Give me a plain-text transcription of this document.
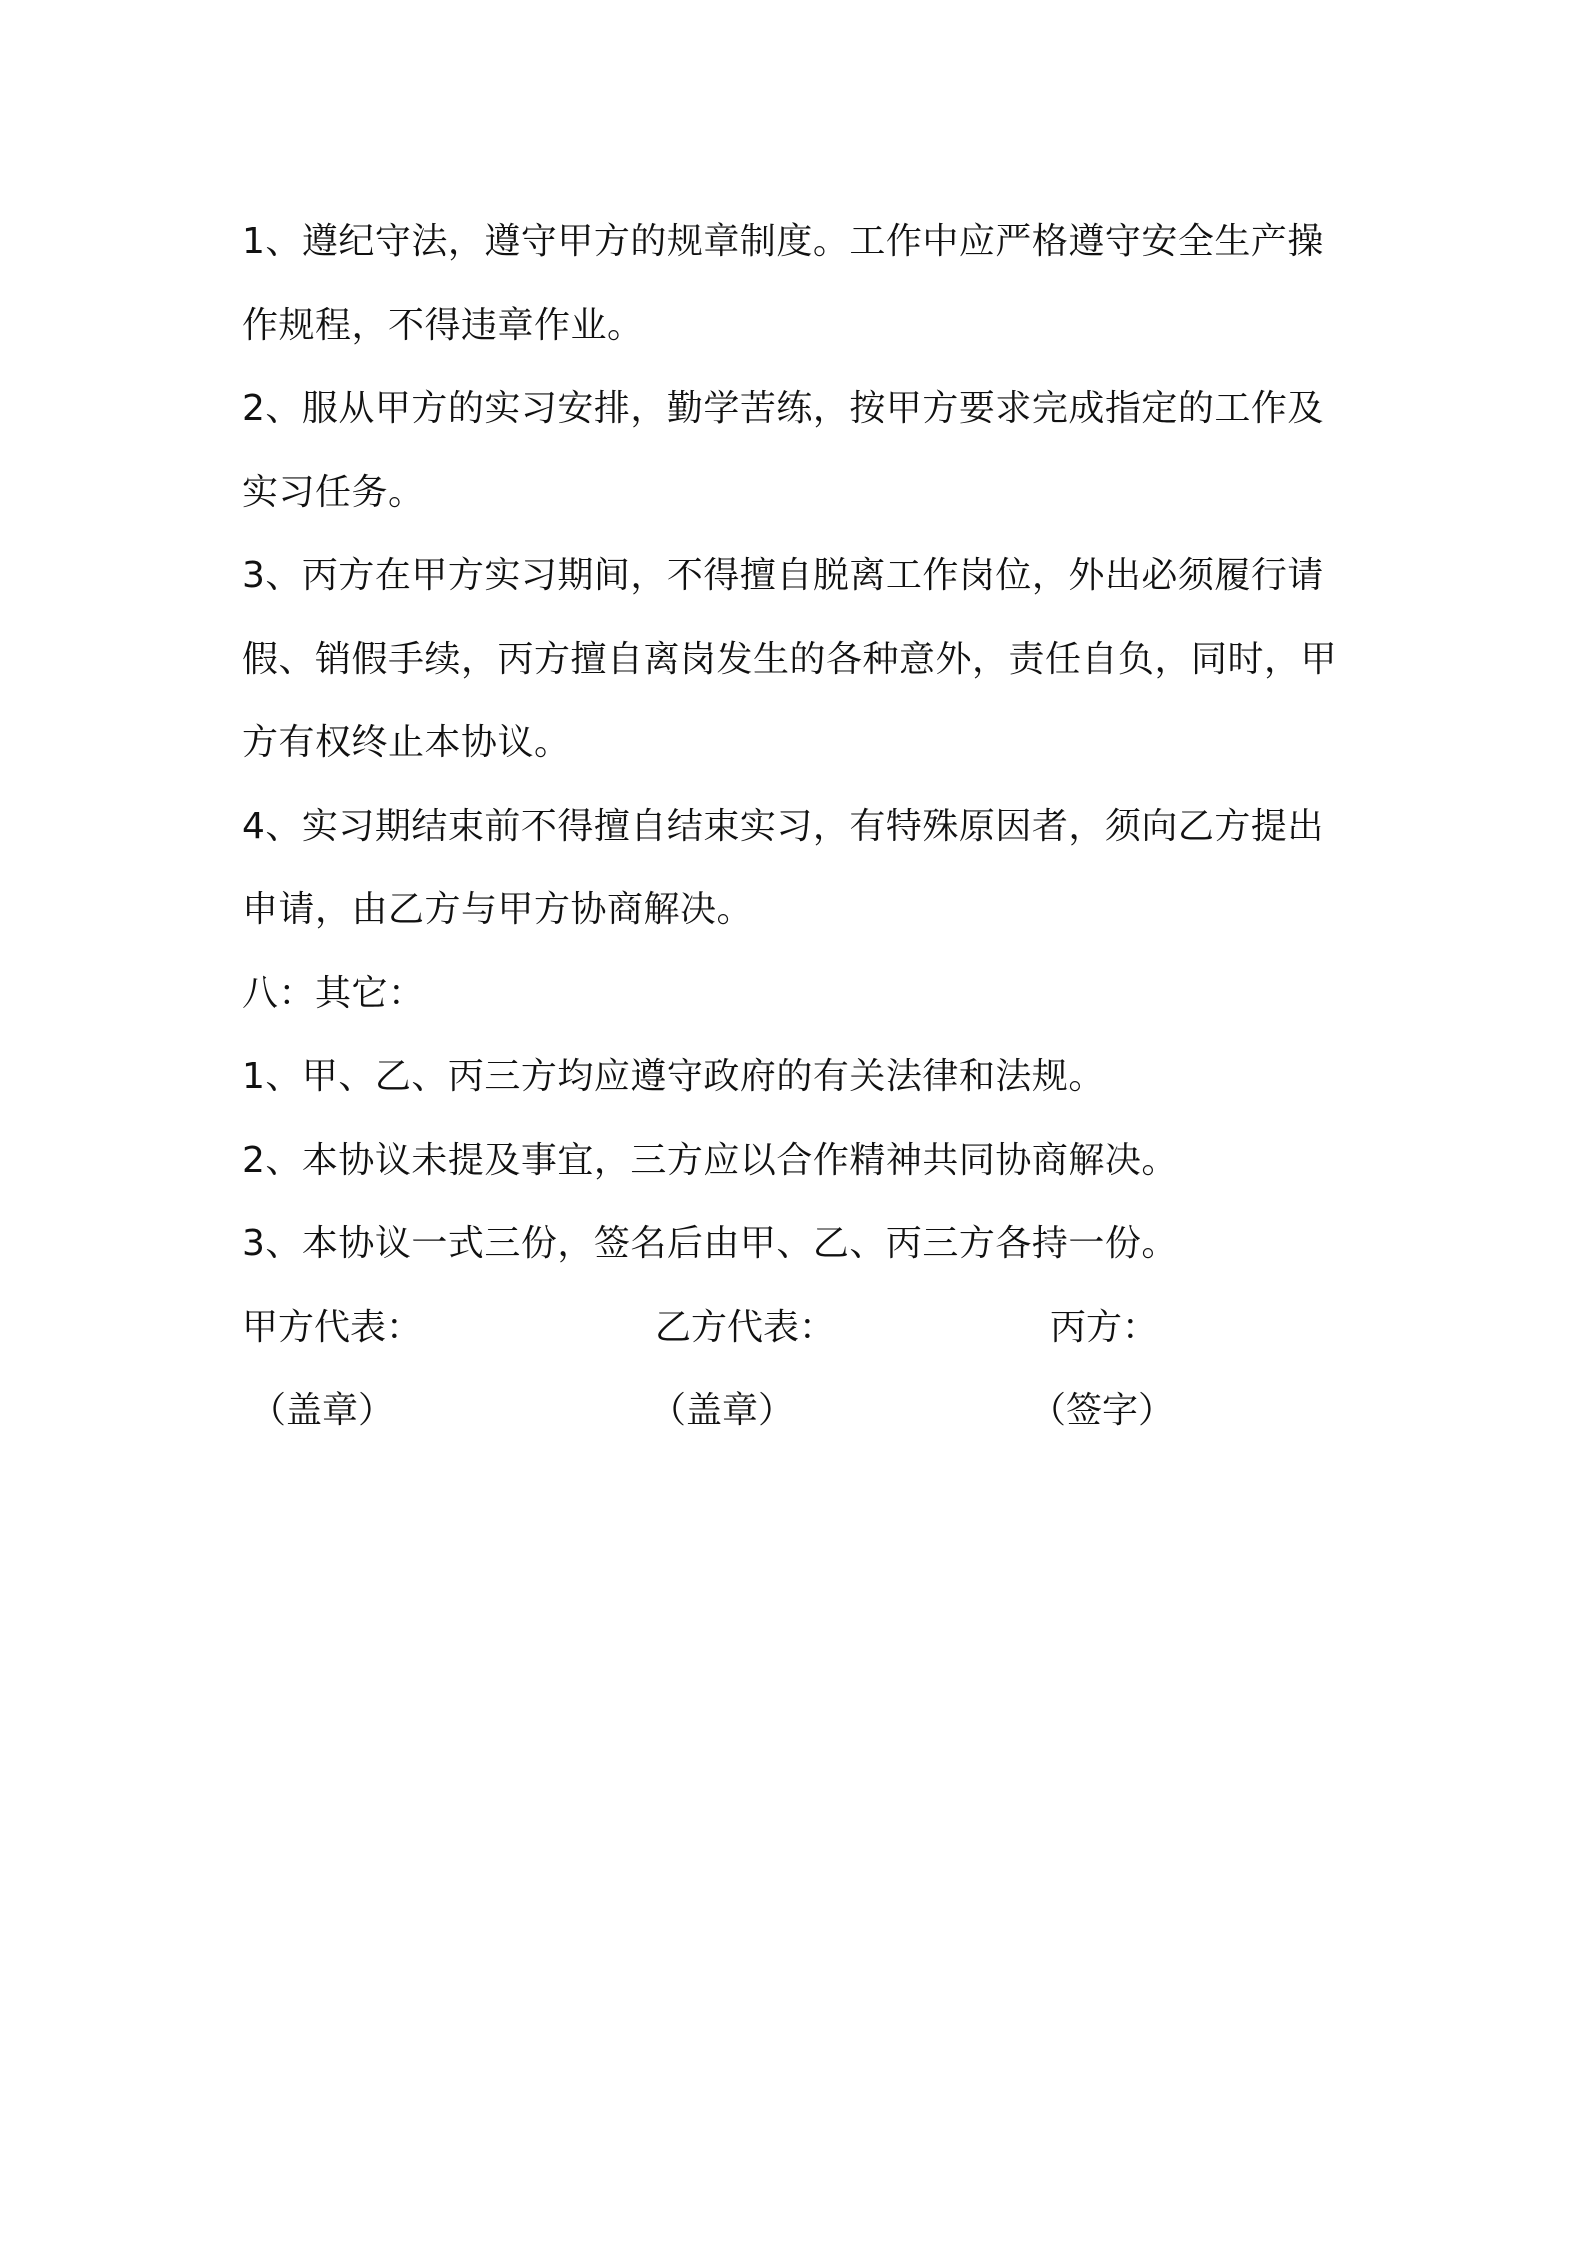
1、遵纪守法，遵守甲方的规章制度。工作中应严格遵守安全生产操
作规程，不得违章作业。
2、服从甲方的实习安排，勤学苦练，按甲方要求完成指定的工作及
实习任务。
3、丙方在甲方实习期间，不得擅自脱离工作岗位，外出必须履行请
假、销假手续，丙方擅自离岗发生的各种意外，责任自负，同时，甲
方有权终止本协议。
4、实习期结束前不得擅自结束实习，有特殊原因者，须向乙方提出
申请，由乙方与甲方协商解决。
八：其它：
1、甲、乙、丙三方均应遵守政府的有关法律和法规。
2、本协议未提及事宜，三方应以合作精神共同协商解决。
3、本协议一式三份，签名后由甲、乙、丙三方各持一份。
甲方代表：	乙方代表：	丙方：
（盖章）	（盖章）	（签字）
